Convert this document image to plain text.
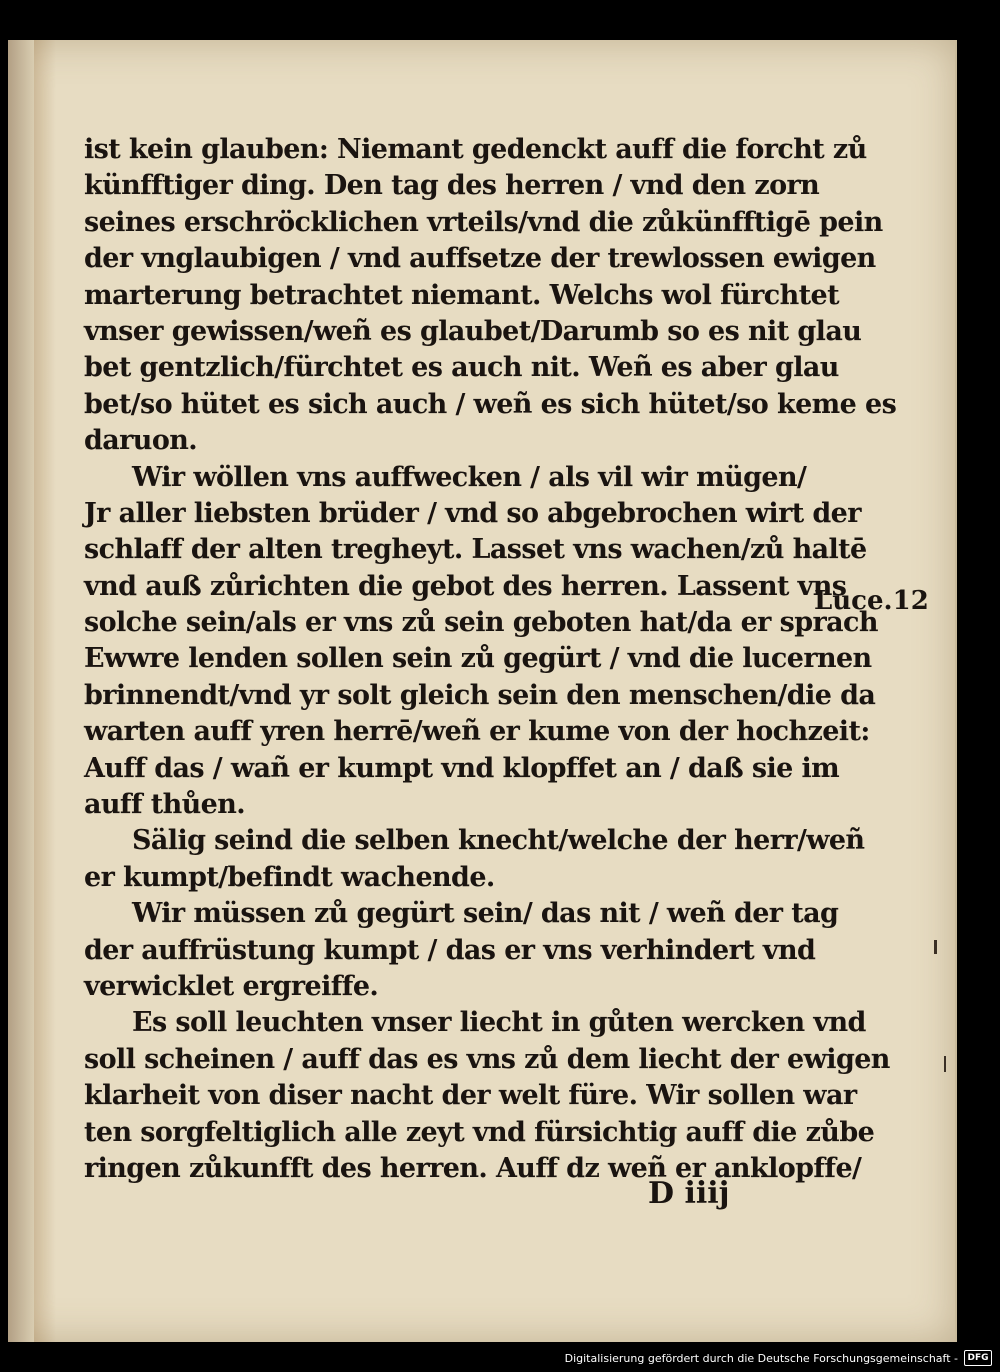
ist kein glauben: Niemant gedenckt auff die forcht zů
künfftiger ding. Den tag des herren / vnd den zorn
seines erschröcklichen vrteils/vnd die zůkünfftigē pein
der vnglaubigen / vnd auffsetze der trewlossen ewigen
marterung betrachtet niemant. Welchs wol fürchtet
vnser gewissen/weñ es glaubet/Darumb so es nit glau
bet gentzlich/fürchtet es auch nit. Weñ es aber glau
bet/so hütet es sich auch / weñ es sich hütet/so keme es
daruon.
Wir wöllen vns auffwecken / als vil wir mügen/
Jr aller liebsten brüder / vnd so abgebrochen wirt der
schlaff der alten tregheyt. Lasset vns wachen/zů haltē
vnd auß zůrichten die gebot des herren. Lassent vns
solche sein/als er vns zů sein geboten hat/da er sprach
Ewwre lenden sollen sein zů gegürt / vnd die lucernen
brinnendt/vnd yr solt gleich sein den menschen/die da
warten auff yren herrē/weñ er kume von der hochzeit:
Auff das / wañ er kumpt vnd klopffet an / daß sie im
auff thůen.
Sälig seind die selben knecht/welche der herr/weñ
er kumpt/befindt wachende.
Wir müssen zů gegürt sein/ das nit / weñ der tag
der auffrüstung kumpt / das er vns verhindert vnd
verwicklet ergreiffe.
Es soll leuchten vnser liecht in gůten wercken vnd
soll scheinen / auff das es vns zů dem liecht der ewigen
klarheit von diser nacht der welt füre. Wir sollen war
ten sorgfeltiglich alle zeyt vnd fürsichtig auff die zůbe
ringen zůkunfft des herren. Auff dz weñ er anklopffe/
Luce.12
D iiij
Digitalisierung gefördert durch die Deutsche Forschungsgemeinschaft -	DFG
